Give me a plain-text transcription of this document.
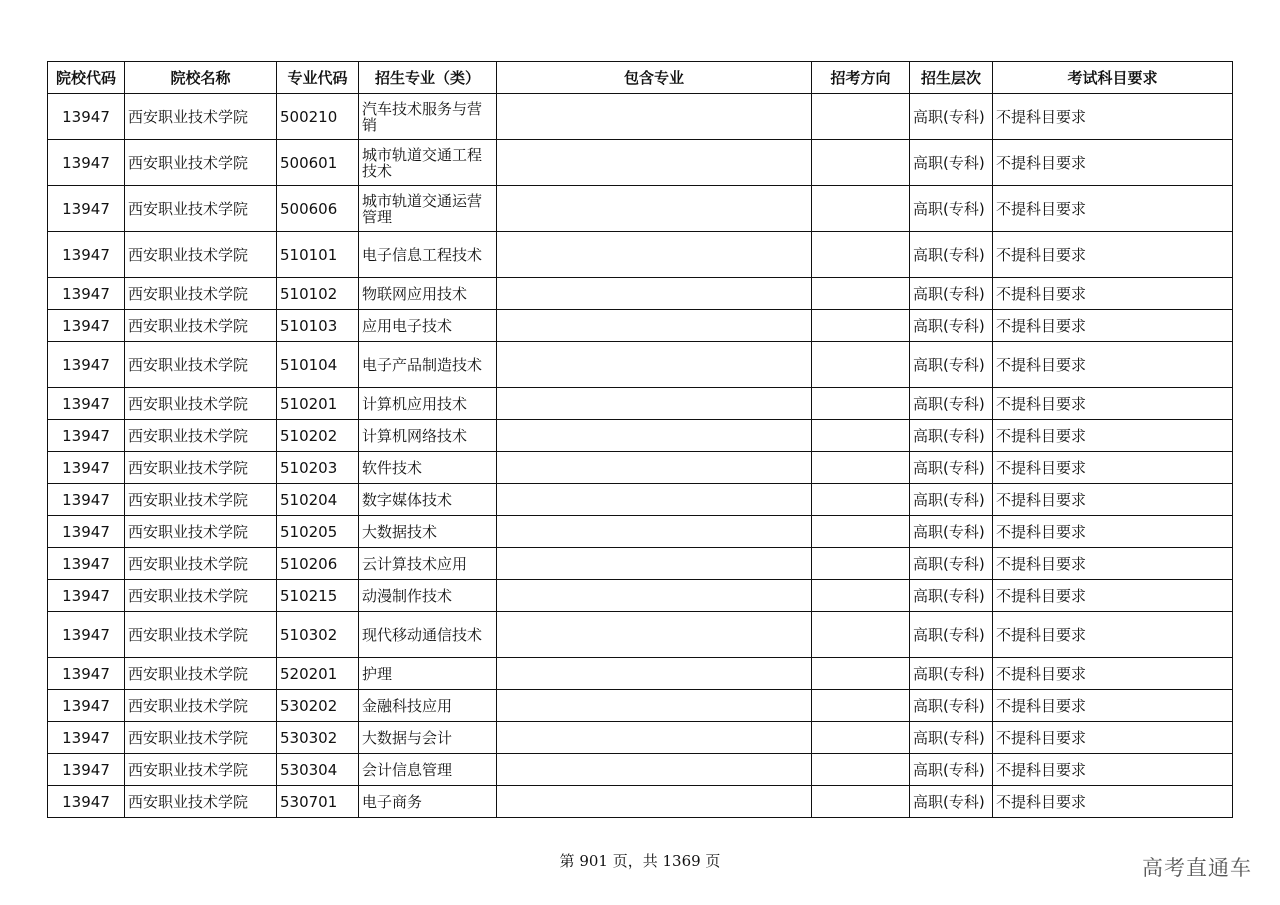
院校代码	院校名称	专业代码	招生专业（类）	包含专业	招考方向	招生层次	考试科目要求
13947	西安职业技术学院	500210	汽车技术服务与营销			高职(专科)	不提科目要求
13947	西安职业技术学院	500601	城市轨道交通工程技术			高职(专科)	不提科目要求
13947	西安职业技术学院	500606	城市轨道交通运营管理			高职(专科)	不提科目要求
13947	西安职业技术学院	510101	电子信息工程技术			高职(专科)	不提科目要求
13947	西安职业技术学院	510102	物联网应用技术			高职(专科)	不提科目要求
13947	西安职业技术学院	510103	应用电子技术			高职(专科)	不提科目要求
13947	西安职业技术学院	510104	电子产品制造技术			高职(专科)	不提科目要求
13947	西安职业技术学院	510201	计算机应用技术			高职(专科)	不提科目要求
13947	西安职业技术学院	510202	计算机网络技术			高职(专科)	不提科目要求
13947	西安职业技术学院	510203	软件技术			高职(专科)	不提科目要求
13947	西安职业技术学院	510204	数字媒体技术			高职(专科)	不提科目要求
13947	西安职业技术学院	510205	大数据技术			高职(专科)	不提科目要求
13947	西安职业技术学院	510206	云计算技术应用			高职(专科)	不提科目要求
13947	西安职业技术学院	510215	动漫制作技术			高职(专科)	不提科目要求
13947	西安职业技术学院	510302	现代移动通信技术			高职(专科)	不提科目要求
13947	西安职业技术学院	520201	护理			高职(专科)	不提科目要求
13947	西安职业技术学院	530202	金融科技应用			高职(专科)	不提科目要求
13947	西安职业技术学院	530302	大数据与会计			高职(专科)	不提科目要求
13947	西安职业技术学院	530304	会计信息管理			高职(专科)	不提科目要求
13947	西安职业技术学院	530701	电子商务			高职(专科)	不提科目要求
第 901 页，共 1369 页	高考直通车
